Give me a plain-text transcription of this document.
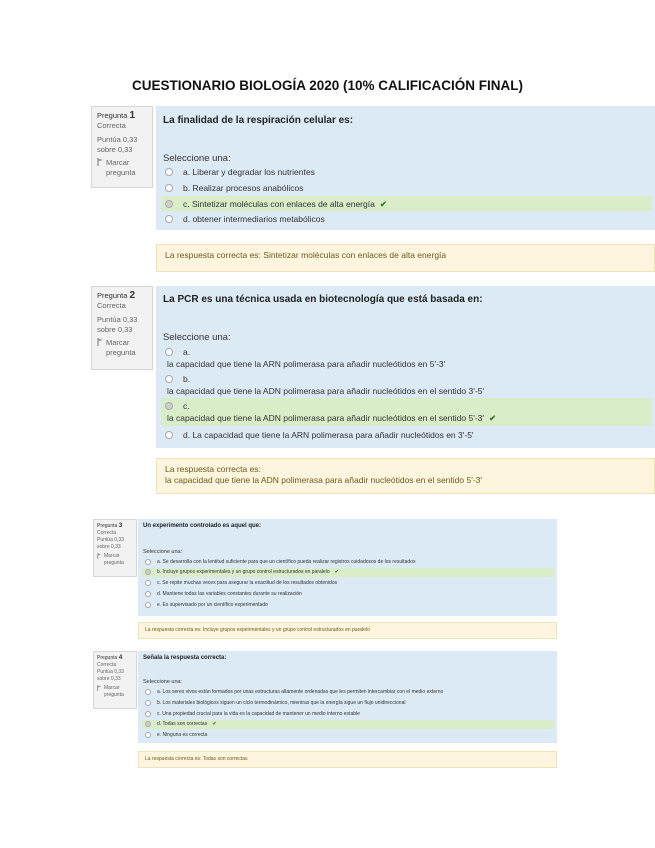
CUESTIONARIO BIOLOGÍA 2020 (10% CALIFICACIÓN FINAL)
Pregunta 1
Correcta
Puntúa 0,33 sobre 0,33
Marcar pregunta
La finalidad de la respiración celular es:
Seleccione una:
a. Liberar y degradar los nutrientes
b. Realizar procesos anabólicos
c. Sintetizar moléculas con enlaces de alta energía ✔
d. obtener intermediarios metabólicos
La respuesta correcta es: Sintetizar moléculas con enlaces de alta energía
Pregunta 2
Correcta
Puntúa 0,33 sobre 0,33
Marcar pregunta
La PCR es una técnica usada en biotecnología que está basada en:
Seleccione una:
a.
la capacidad que tiene la ARN polimerasa para añadir nucleótidos en 5'-3'
b.
la capacidad que tiene la ADN polimerasa para añadir nucleótidos en el sentido 3'-5'
c.
la capacidad que tiene la ADN polimerasa para añadir nucleótidos en el sentido 5'-3' ✔
d. La capacidad que tiene la ARN polimerasa para añadir nucleótidos en 3'-5'
La respuesta correcta es:
la capacidad que tiene la ADN polimerasa para añadir nucleótidos en el sentido 5'-3'
Pregunta 3
Correcta
Puntúa 0,33 sobre 0,33
Marcar pregunta
Un experimento controlado es aquel que:
Seleccione una:
a. Se desarrolla con la lentitud suficiente para que un científico pueda realizar registros cuidadosos de los resultados
b. Incluye grupos experimentales y un grupo control estructurados en paralelo ✔
c. Se repite muchas veces para asegurar la exactitud de los resultados obtenidos
d. Mantiene todas las variables constantes durante su realización
e. Es supervisado por un científico experimentado
La respuesta correcta es: Incluye grupos experimentales y un grupo control estructurados en paralelo
Pregunta 4
Correcta
Puntúa 0,33 sobre 0,33
Marcar pregunta
Señala la respuesta correcta:
Seleccione una:
a. Los seres vivos están formados por unas estructuras altamente ordenadas que les permiten intercambiar con el medio externo
b. Los materiales biológicos siguen un ciclo termodinámico, mientras que la energía sigue un flujo unidireccional
c. Una propiedad crucial para la vida es la capacidad de mantener un medio interno estable
d. Todas son correctas ✔
e. Ninguna es correcta
La respuesta correcta es: Todas son correctas
